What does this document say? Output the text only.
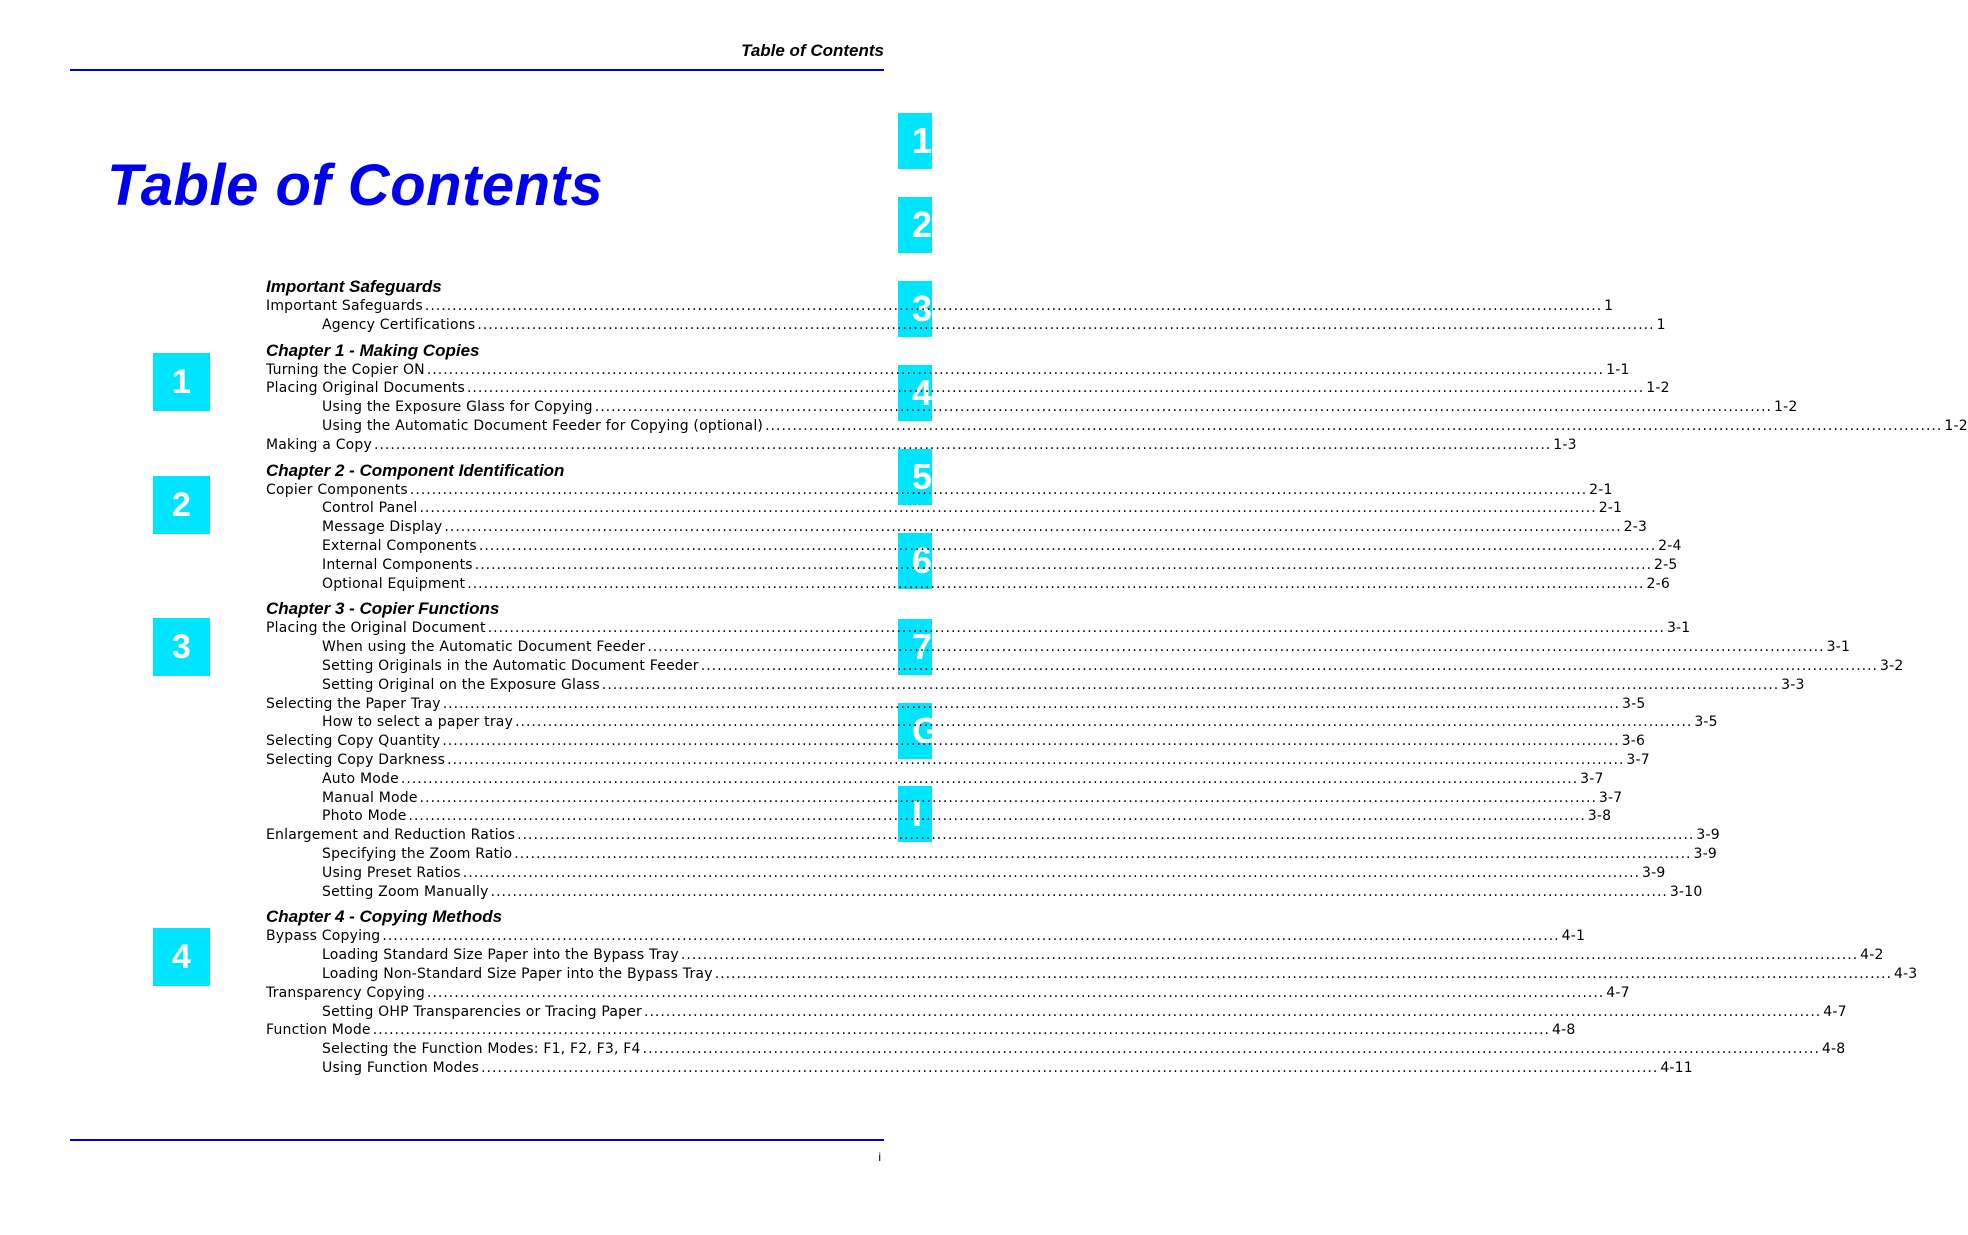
Table of Contents
Table of Contents
1
2
3
4
5
6
7
G
I
1
2
3
4
Important Safeguards
Important Safeguards .....	1
Agency Certifications .....	1
Chapter 1 - Making Copies
Turning the Copier ON .....	1-1
Placing Original Documents .....	1-2
Using the Exposure Glass for Copying .....	1-2
Using the Automatic Document Feeder for Copying (optional) .....	1-2
Making a Copy .....	1-3
Chapter 2 - Component Identification
Copier Components .....	2-1
Control Panel .....	2-1
Message Display .....	2-3
External Components .....	2-4
Internal Components .....	2-5
Optional Equipment .....	2-6
Chapter 3 - Copier Functions
Placing the Original Document .....	3-1
When using the Automatic Document Feeder .....	3-1
Setting Originals in the Automatic Document Feeder .....	3-2
Setting Original on the Exposure Glass .....	3-3
Selecting the Paper Tray .....	3-5
How to select a paper tray .....	3-5
Selecting Copy Quantity .....	3-6
Selecting Copy Darkness .....	3-7
Auto Mode .....	3-7
Manual Mode .....	3-7
Photo Mode .....	3-8
Enlargement and Reduction Ratios .....	3-9
Specifying the Zoom Ratio .....	3-9
Using Preset Ratios .....	3-9
Setting Zoom Manually .....	3-10
Chapter 4 - Copying Methods
Bypass Copying .....	4-1
Loading Standard Size Paper into the Bypass Tray .....	4-2
Loading Non-Standard Size Paper into the Bypass Tray .....	4-3
Transparency Copying .....	4-7
Setting OHP Transparencies or Tracing Paper .....	4-7
Function Mode .....	4-8
Selecting the Function Modes: F1, F2, F3, F4 .....	4-8
Using Function Modes .....	4-11
i
